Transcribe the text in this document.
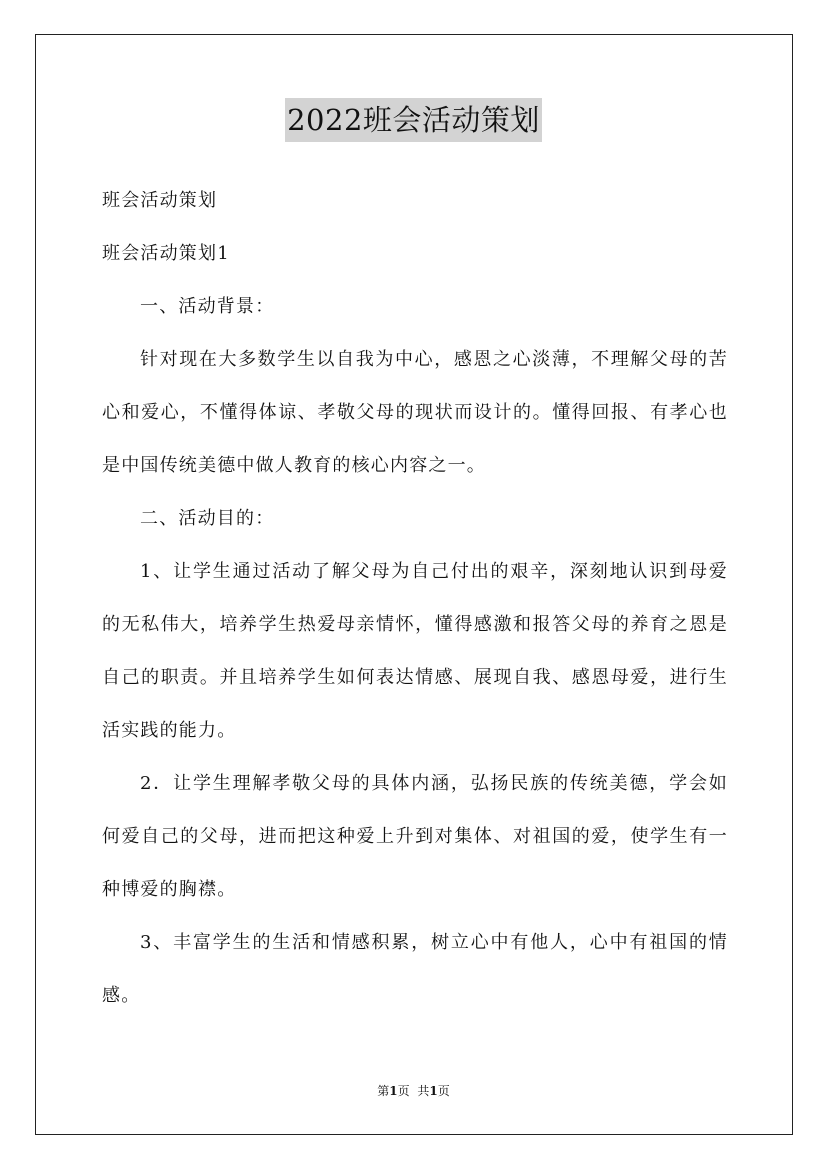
2022班会活动策划

班会活动策划

班会活动策划1

一、活动背景：

针对现在大多数学生以自我为中心，感恩之心淡薄，不理解父母的苦心和爱心，不懂得体谅、孝敬父母的现状而设计的。懂得回报、有孝心也是中国传统美德中做人教育的核心内容之一。

二、活动目的：

1、让学生通过活动了解父母为自己付出的艰辛，深刻地认识到母爱的无私伟大，培养学生热爱母亲情怀，懂得感激和报答父母的养育之恩是自己的职责。并且培养学生如何表达情感、展现自我、感恩母爱，进行生活实践的能力。

2．让学生理解孝敬父母的具体内涵，弘扬民族的传统美德，学会如何爱自己的父母，进而把这种爱上升到对集体、对祖国的爱，使学生有一种博爱的胸襟。

3、丰富学生的生活和情感积累，树立心中有他人，心中有祖国的情感。

第1页 共1页
